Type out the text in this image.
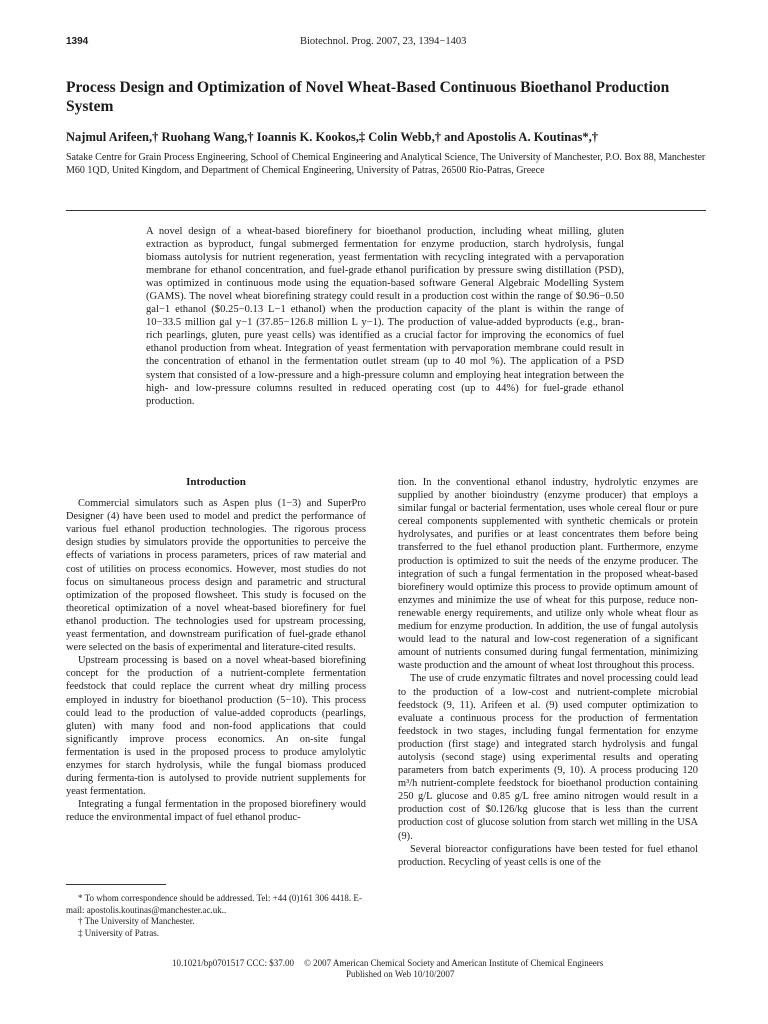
1394	Biotechnol. Prog. 2007, 23, 1394−1403
Process Design and Optimization of Novel Wheat-Based Continuous Bioethanol Production System

Najmul Arifeen,† Ruohang Wang,† Ioannis K. Kookos,‡ Colin Webb,† and Apostolis A. Koutinas*,†

Satake Centre for Grain Process Engineering, School of Chemical Engineering and Analytical Science, The University of Manchester, P.O. Box 88, Manchester M60 1QD, United Kingdom, and Department of Chemical Engineering, University of Patras, 26500 Rio-Patras, Greece

A novel design of a wheat-based biorefinery for bioethanol production, including wheat milling, gluten extraction as byproduct, fungal submerged fermentation for enzyme production, starch hydrolysis, fungal biomass autolysis for nutrient regeneration, yeast fermentation with recycling integrated with a pervaporation membrane for ethanol concentration, and fuel-grade ethanol purification by pressure swing distillation (PSD), was optimized in continuous mode using the equation-based software General Algebraic Modelling System (GAMS). The novel wheat biorefining strategy could result in a production cost within the range of $0.96−0.50 gal−1 ethanol ($0.25−0.13 L−1 ethanol) when the production capacity of the plant is within the range of 10−33.5 million gal y−1 (37.85−126.8 million L y−1). The production of value-added byproducts (e.g., bran-rich pearlings, gluten, pure yeast cells) was identified as a crucial factor for improving the economics of fuel ethanol production from wheat. Integration of yeast fermentation with pervaporation membrane could result in the concentration of ethanol in the fermentation outlet stream (up to 40 mol %). The application of a PSD system that consisted of a low-pressure and a high-pressure column and employing heat integration between the high- and low-pressure columns resulted in reduced operating cost (up to 44%) for fuel-grade ethanol production.

Introduction

Commercial simulators such as Aspen plus (1−3) and SuperPro Designer (4) have been used to model and predict the performance of various fuel ethanol production technologies. The rigorous process design studies by simulators provide the opportunities to perceive the effects of variations in process parameters, prices of raw material and cost of utilities on process economics. However, most studies do not focus on simultaneous process design and parametric and structural optimization of the proposed flowsheet. This study is focused on the theoretical optimization of a novel wheat-based biorefinery for fuel ethanol production. The technologies used for upstream processing, yeast fermentation, and downstream purification of fuel-grade ethanol were selected on the basis of experimental and literature-cited results.

Upstream processing is based on a novel wheat-based biorefining concept for the production of a nutrient-complete fermentation feedstock that could replace the current wheat dry milling process employed in industry for bioethanol production (5−10). This process could lead to the production of value-added coproducts (pearlings, gluten) with many food and non-food applications that could significantly improve process economics. An on-site fungal fermentation is used in the proposed process to produce amylolytic enzymes for starch hydrolysis, while the fungal biomass produced during fermenta-tion is autolysed to provide nutrient supplements for yeast fermentation.

Integrating a fungal fermentation in the proposed biorefinery would reduce the environmental impact of fuel ethanol produc-

tion. In the conventional ethanol industry, hydrolytic enzymes are supplied by another bioindustry (enzyme producer) that employs a similar fungal or bacterial fermentation, uses whole cereal flour or pure cereal components supplemented with synthetic chemicals or protein hydrolysates, and purifies or at least concentrates them before being transferred to the fuel ethanol production plant. Furthermore, enzyme production is optimized to suit the needs of the enzyme producer. The integration of such a fungal fermentation in the proposed wheat-based biorefinery would optimize this process to provide optimum amount of enzymes and minimize the use of wheat for this purpose, reduce non-renewable energy requirements, and utilize only whole wheat flour as medium for enzyme production. In addition, the use of fungal autolysis would lead to the natural and low-cost regeneration of a significant amount of nutrients consumed during fungal fermentation, minimizing waste production and the amount of wheat lost throughout this process.

The use of crude enzymatic filtrates and novel processing could lead to the production of a low-cost and nutrient-complete microbial feedstock (9, 11). Arifeen et al. (9) used computer optimization to evaluate a continuous process for the production of fermentation feedstock in two stages, including fungal fermentation for enzyme production (first stage) and integrated starch hydrolysis and fungal autolysis (second stage) using experimental results and operating parameters from batch experiments (9, 10). A process producing 120 m³/h nutrient-complete feedstock for bioethanol production containing 250 g/L glucose and 0.85 g/L free amino nitrogen would result in a production cost of $0.126/kg glucose that is less than the current production cost of glucose solution from starch wet milling in the USA (9).

Several bioreactor configurations have been tested for fuel ethanol production. Recycling of yeast cells is one of the

* To whom correspondence should be addressed. Tel: +44 (0)161 306 4418. E-mail: apostolis.koutinas@manchester.ac.uk..
† The University of Manchester.
‡ University of Patras.
10.1021/bp0701517 CCC: $37.00 © 2007 American Chemical Society and American Institute of Chemical Engineers
Published on Web 10/10/2007
